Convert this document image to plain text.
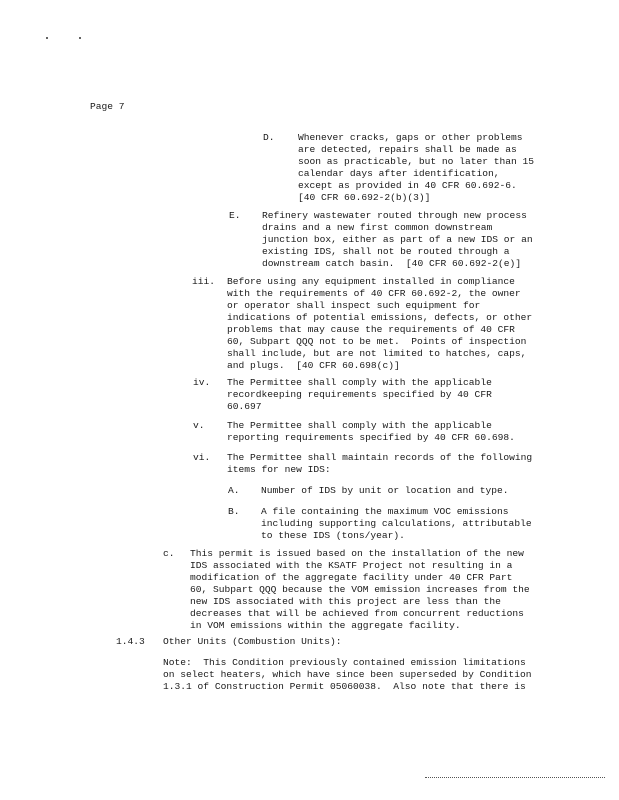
Page 7
D. Whenever cracks, gaps or other problems
are detected, repairs shall be made as
soon as practicable, but no later than 15
calendar days after identification,
except as provided in 40 CFR 60.692-6.
[40 CFR 60.692-2(b)(3)]
E. Refinery wastewater routed through new process
drains and a new first common downstream
junction box, either as part of a new IDS or an
existing IDS, shall not be routed through a
downstream catch basin.  [40 CFR 60.692-2(e)]
iii. Before using any equipment installed in compliance
with the requirements of 40 CFR 60.692-2, the owner
or operator shall inspect such equipment for
indications of potential emissions, defects, or other
problems that may cause the requirements of 40 CFR
60, Subpart QQQ not to be met.  Points of inspection
shall include, but are not limited to hatches, caps,
and plugs.  [40 CFR 60.698(c)]
iv. The Permittee shall comply with the applicable
recordkeeping requirements specified by 40 CFR
60.697
v. The Permittee shall comply with the applicable
reporting requirements specified by 40 CFR 60.698.
vi. The Permittee shall maintain records of the following
items for new IDS:
A. Number of IDS by unit or location and type.
B. A file containing the maximum VOC emissions
including supporting calculations, attributable
to these IDS (tons/year).
c. This permit is issued based on the installation of the new
IDS associated with the KSATF Project not resulting in a
modification of the aggregate facility under 40 CFR Part
60, Subpart QQQ because the VOM emission increases from the
new IDS associated with this project are less than the
decreases that will be achieved from concurrent reductions
in VOM emissions within the aggregate facility.
1.4.3 Other Units (Combustion Units):
Note:  This Condition previously contained emission limitations
on select heaters, which have since been superseded by Condition
1.3.1 of Construction Permit 05060038.  Also note that there is
